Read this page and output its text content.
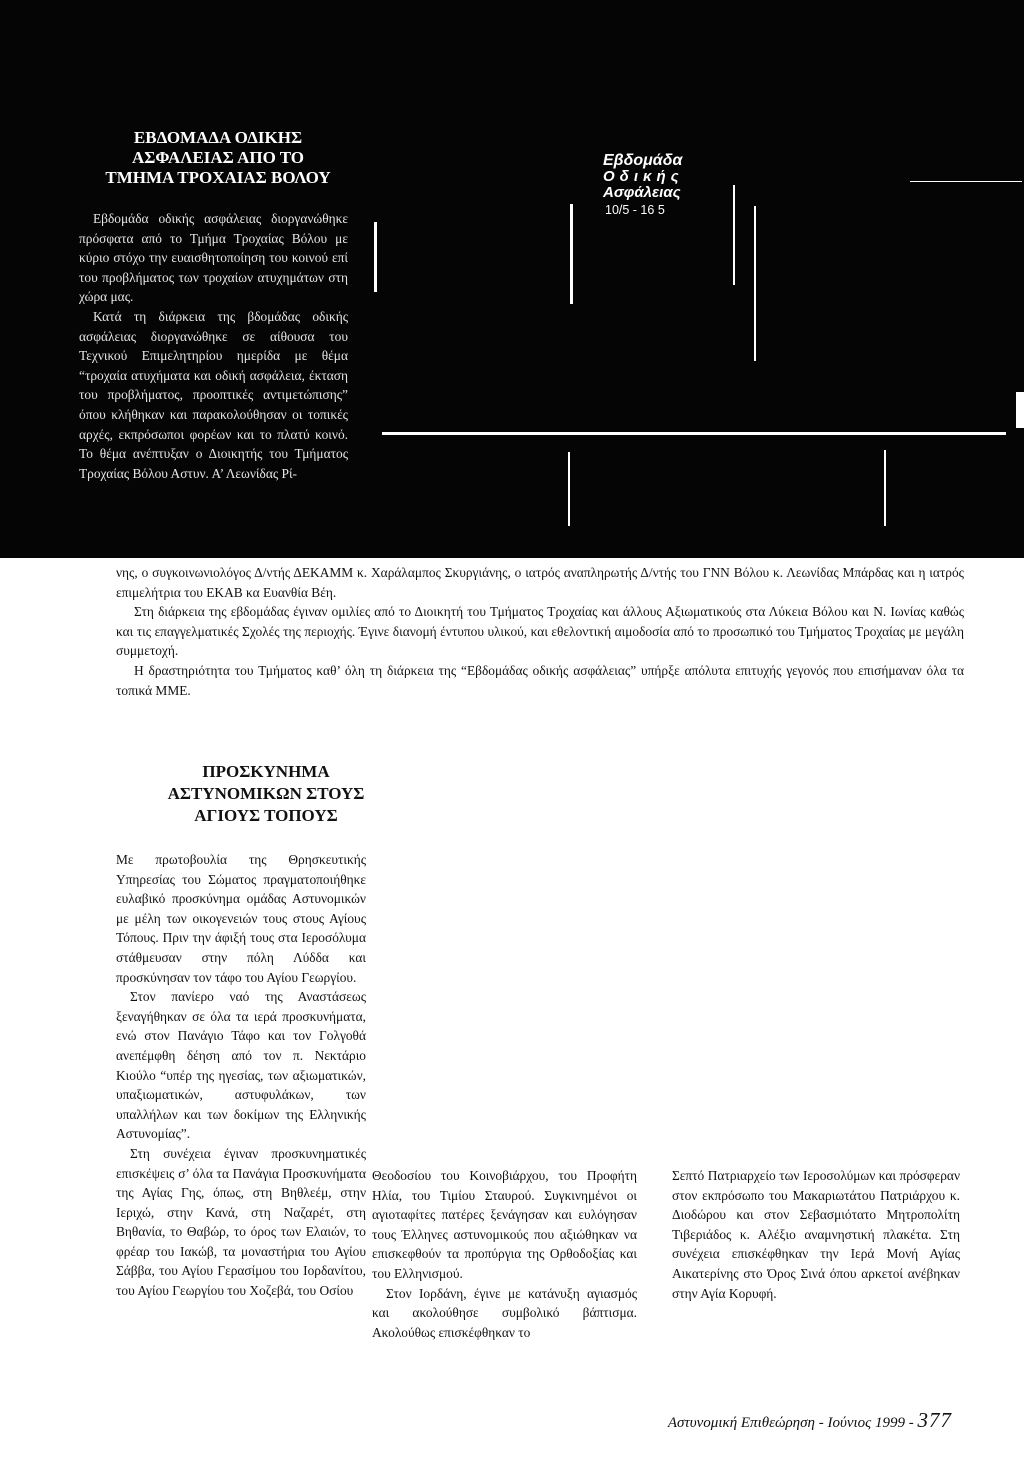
ΕΒΔΟΜΑΔΑ ΟΔΙΚΗΣ
ΑΣΦΑΛΕΙΑΣ ΑΠΟ ΤΟ
ΤΜΗΜΑ ΤΡΟΧΑΙΑΣ ΒΟΛΟΥ

Εβδομάδα οδικής ασφάλειας διοργανώθηκε πρόσφατα από το Τμήμα Τροχαίας Βόλου με κύριο στόχο την ευαισθητοποίηση του κοινού επί του προβλήματος των τροχαίων ατυχημάτων στη χώρα μας.

Κατά τη διάρκεια της βδομάδας οδικής ασφάλειας διοργανώθηκε σε αίθουσα του Τεχνικού Επιμελητηρίου ημερίδα με θέμα “τροχαία ατυχήματα και οδική ασφάλεια, έκταση του προβλήματος, προοπτικές αντιμετώπισης” όπου κλήθηκαν και παρακολούθησαν οι τοπικές αρχές, εκπρόσωποι φορέων και το πλατύ κοινό. Το θέμα ανέπτυξαν ο Διοικητής του Τμήματος Τροχαίας Βόλου Αστυν. Α’ Λεωνίδας Ρί-

Εβδομάδα
Οδικής
Ασφάλειας
10/5 - 16 5

νης, ο συγκοινωνιολόγος Δ/ντής ΔΕΚΑΜΜ κ. Χαράλαμπος Σκυργιάνης, ο ιατρός αναπληρωτής Δ/ντής του ΓΝΝ Βόλου κ. Λεωνίδας Μπάρδας και η ιατρός επιμελήτρια του ΕΚΑΒ κα Ευανθία Βέη.

Στη διάρκεια της εβδομάδας έγιναν ομιλίες από το Διοικητή του Τμήματος Τροχαίας και άλλους Αξιωματικούς στα Λύκεια Βόλου και Ν. Ιωνίας καθώς και τις επαγγελματικές Σχολές της περιοχής. Έγινε διανομή έντυπου υλικού, και εθελοντική αιμοδοσία από το προσωπικό του Τμήματος Τροχαίας με μεγάλη συμμετοχή.

Η δραστηριότητα του Τμήματος καθ’ όλη τη διάρκεια της “Εβδομάδας οδικής ασφάλειας” υπήρξε απόλυτα επιτυχής γεγονός που επισήμαναν όλα τα τοπικά ΜΜΕ.

ΠΡΟΣΚΥΝΗΜΑ
ΑΣΤΥΝΟΜΙΚΩΝ ΣΤΟΥΣ
ΑΓΙΟΥΣ ΤΟΠΟΥΣ

Με πρωτοβουλία της Θρησκευτικής Υπηρεσίας του Σώματος πραγματοποιήθηκε ευλαβικό προσκύνημα ομάδας Αστυνομικών με μέλη των οικογενειών τους στους Αγίους Τόπους. Πριν την άφιξή τους στα Ιεροσόλυμα στάθμευσαν στην πόλη Λύδδα και προσκύνησαν τον τάφο του Αγίου Γεωργίου.

Στον πανίερο ναό της Αναστάσεως ξεναγήθηκαν σε όλα τα ιερά προσκυνήματα, ενώ στον Πανάγιο Τάφο και τον Γολγοθά ανεπέμφθη δέηση από τον π. Νεκτάριο Κιούλο “υπέρ της ηγεσίας, των αξιωματικών, υπαξιωματικών, αστυφυλάκων, των υπαλλήλων και των δοκίμων της Ελληνικής Αστυνομίας”.

Στη συνέχεια έγιναν προσκυνηματικές επισκέψεις σ’ όλα τα Πανάγια Προσκυνήματα της Αγίας Γης, όπως, στη Βηθλεέμ, στην Ιεριχώ, στην Κανά, στη Ναζαρέτ, στη Βηθανία, το Θαβώρ, το όρος των Ελαιών, το φρέαρ του Ιακώβ, τα μοναστήρια του Αγίου Σάββα, του Αγίου Γερασίμου του Ιορδανίτου, του Αγίου Γεωργίου του Χοζεβά, του Οσίου

Θεοδοσίου του Κοινοβιάρχου, του Προφήτη Ηλία, του Τιμίου Σταυρού. Συγκινημένοι οι αγιοταφίτες πατέρες ξενάγησαν και ευλόγησαν τους Έλληνες αστυνομικούς που αξιώθηκαν να επισκεφθούν τα προπύργια της Ορθοδοξίας και του Ελληνισμού.

Στον Ιορδάνη, έγινε με κατάνυξη αγιασμός και ακολούθησε συμβολικό βάπτισμα. Ακολούθως επισκέφθηκαν το

Σεπτό Πατριαρχείο των Ιεροσολύμων και πρόσφεραν στον εκπρόσωπο του Μακαριωτάτου Πατριάρχου κ. Διοδώρου και στον Σεβασμιότατο Μητροπολίτη Τιβεριάδος κ. Αλέξιο αναμνηστική πλακέτα. Στη συνέχεια επισκέφθηκαν την Ιερά Μονή Αγίας Αικατερίνης στο Όρος Σινά όπου αρκετοί ανέβηκαν στην Αγία Κορυφή.

Αστυνομική Επιθεώρηση - Ιούνιος 1999 - 377
